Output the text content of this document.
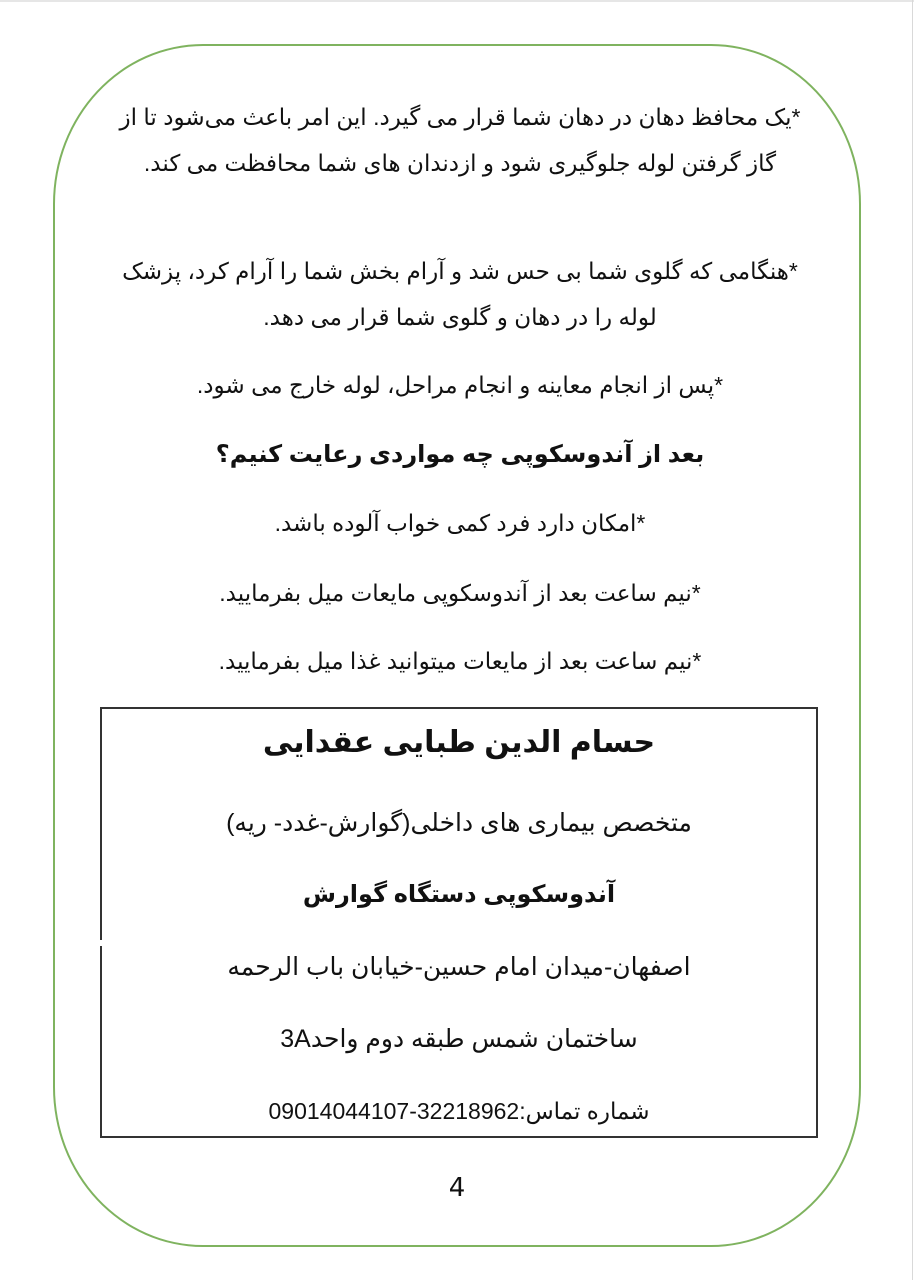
*یک محافظ دهان در دهان شما قرار می گیرد. این امر باعث می‌شود تا از گاز گرفتن لوله جلوگیری شود و ازدندان های شما محافظت می کند.

*هنگامی که گلوی شما بی حس شد و آرام بخش شما را آرام کرد، پزشک لوله را در دهان و گلوی شما قرار می دهد.

*پس از انجام معاینه و انجام مراحل، لوله خارج می شود.

بعد از آندوسکوپی چه مواردی رعایت کنیم؟

*امکان دارد فرد کمی خواب آلوده باشد.

*نیم ساعت بعد از آندوسکوپی مایعات میل بفرمایید.

*نیم ساعت بعد از مایعات میتوانید غذا میل بفرمایید.

حسام الدین طبایی عقدایی

متخصص بیماری های داخلی(گوارش-غدد- ریه)

آندوسکوپی دستگاه گوارش

اصفهان-میدان امام حسین-خیابان باب الرحمه

ساختمان شمس طبقه دوم واحد3A

شماره تماس:32218962-09014044107

4
